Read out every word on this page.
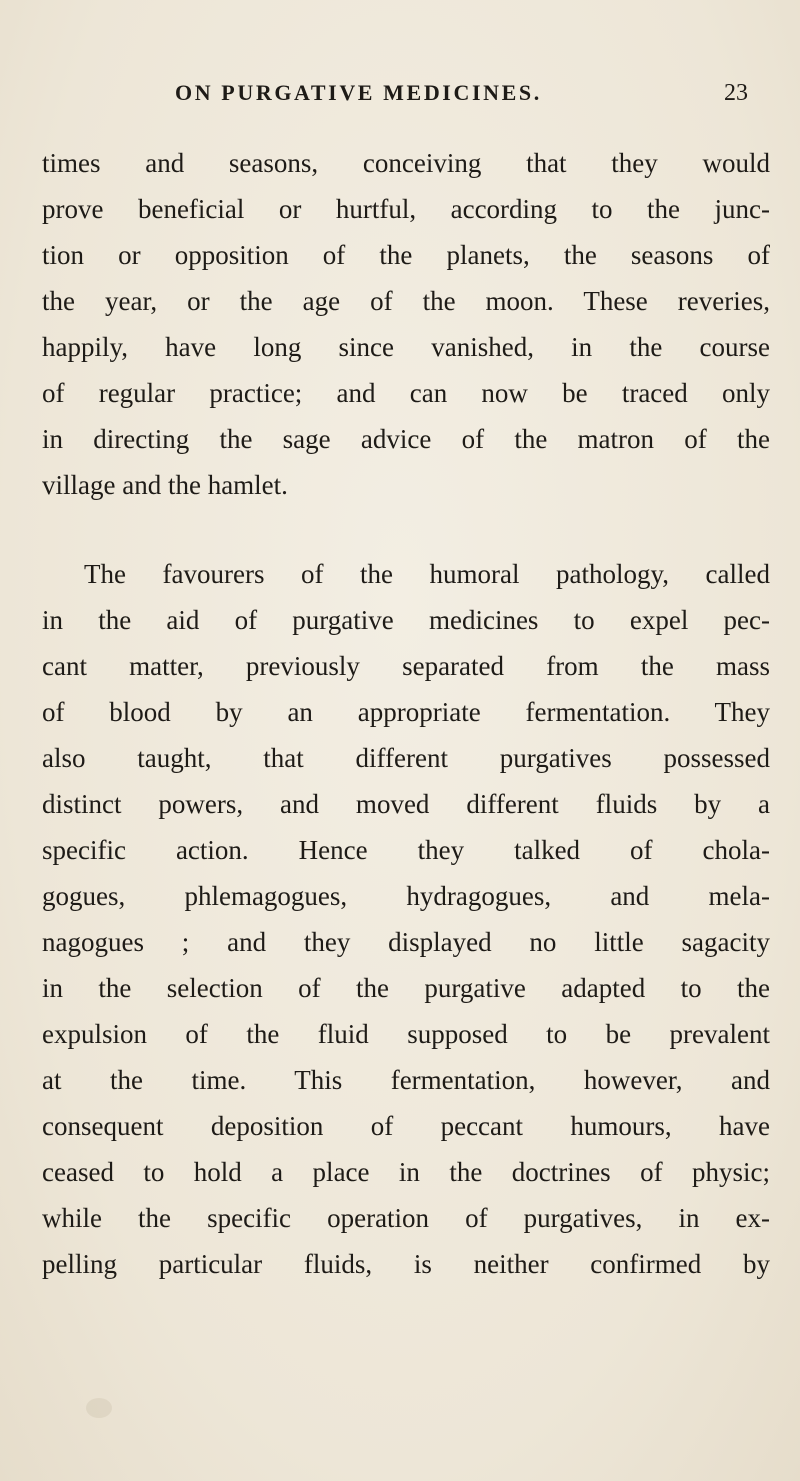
ON PURGATIVE MEDICINES.	23
times and seasons, conceiving that they would
prove beneficial or hurtful, according to the junc-
tion or opposition of the planets, the seasons of
the year, or the age of the moon. These reveries,
happily, have long since vanished, in the course
of regular practice; and can now be traced only
in directing the sage advice of the matron of the
village and the hamlet.
The favourers of the humoral pathology, called
in the aid of purgative medicines to expel pec-
cant matter, previously separated from the mass
of blood by an appropriate fermentation. They
also taught, that different purgatives possessed
distinct powers, and moved different fluids by a
specific action. Hence they talked of chola-
gogues, phlemagogues, hydragogues, and mela-
nagogues ; and they displayed no little sagacity
in the selection of the purgative adapted to the
expulsion of the fluid supposed to be prevalent
at the time. This fermentation, however, and
consequent deposition of peccant humours, have
ceased to hold a place in the doctrines of physic;
while the specific operation of purgatives, in ex-
pelling particular fluids, is neither confirmed by
